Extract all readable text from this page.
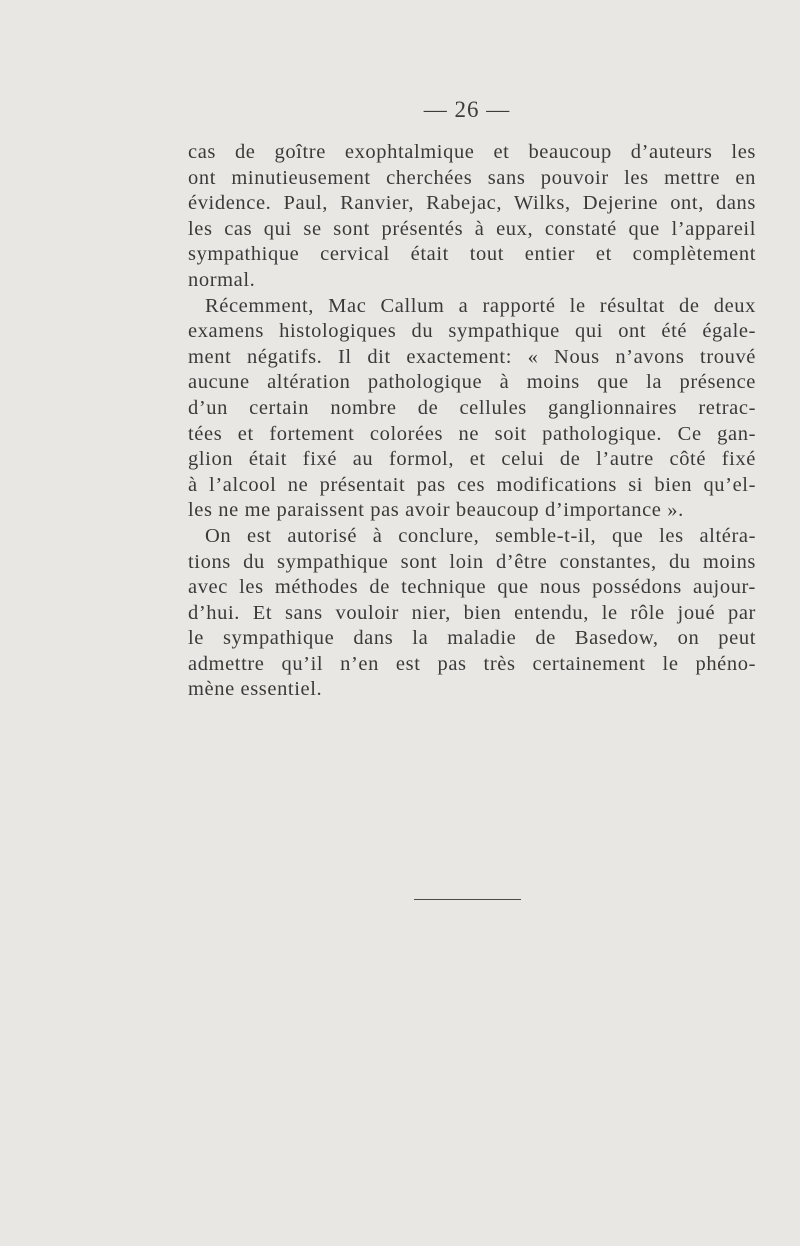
— 26 —
cas de goître exophtalmique et beaucoup d’auteurs les
ont minutieusement cherchées sans pouvoir les mettre en
évidence. Paul, Ranvier, Rabejac, Wilks, Dejerine ont, dans
les cas qui se sont présentés à eux, constaté que l’appareil
sympathique cervical était tout entier et complètement
normal.
Récemment, Mac Callum a rapporté le résultat de deux
examens histologiques du sympathique qui ont été égale-
ment négatifs. Il dit exactement: « Nous n’avons trouvé
aucune altération pathologique à moins que la présence
d’un certain nombre de cellules ganglionnaires retrac-
tées et fortement colorées ne soit pathologique. Ce gan-
glion était fixé au formol, et celui de l’autre côté fixé
à l’alcool ne présentait pas ces modifications si bien qu’el-
les ne me paraissent pas avoir beaucoup d’importance ».
On est autorisé à conclure, semble-t-il, que les altéra-
tions du sympathique sont loin d’être constantes, du moins
avec les méthodes de technique que nous possédons aujour-
d’hui. Et sans vouloir nier, bien entendu, le rôle joué par
le sympathique dans la maladie de Basedow, on peut
admettre qu’il n’en est pas très certainement le phéno-
mène essentiel.
